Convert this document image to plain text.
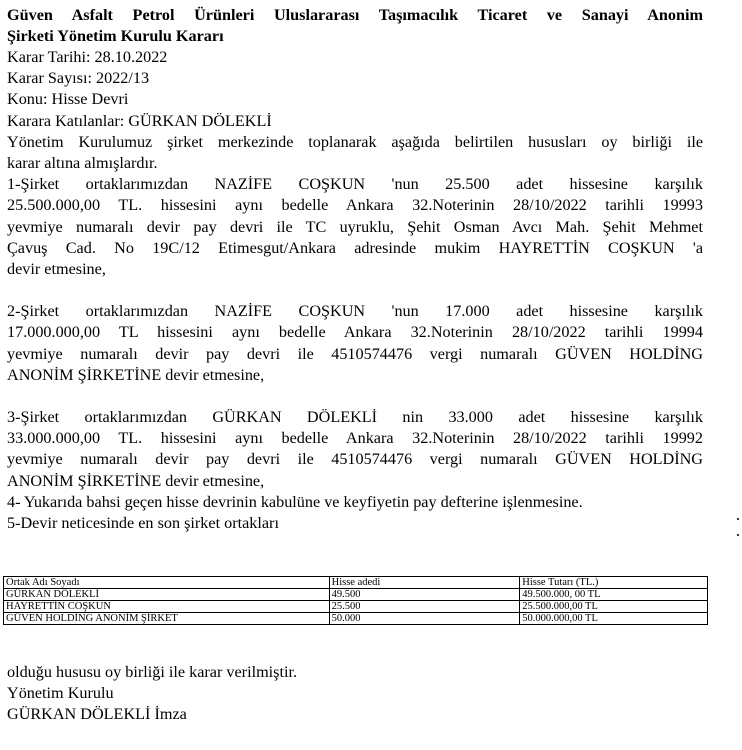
Güven Asfalt Petrol Ürünleri Uluslararası Taşımacılık Ticaret ve Sanayi Anonim
Şirketi Yönetim Kurulu Kararı
Karar Tarihi: 28.10.2022
Karar Sayısı: 2022/13
Konu: Hisse Devri
Karara Katılanlar: GÜRKAN DÖLEKLİ
Yönetim Kurulumuz şirket merkezinde toplanarak aşağıda belirtilen hususları oy birliği ile
karar altına almışlardır.
1-Şirket ortaklarımızdan NAZİFE COŞKUN 'nun 25.500 adet hissesine karşılık
25.500.000,00 TL. hissesini aynı bedelle Ankara 32.Noterinin 28/10/2022 tarihli 19993
yevmiye numaralı devir pay devri ile TC uyruklu, Şehit Osman Avcı Mah. Şehit Mehmet
Çavuş Cad. No 19C/12 Etimesgut/Ankara adresinde mukim HAYRETTİN COŞKUN 'a
devir etmesine,
2-Şirket ortaklarımızdan NAZİFE COŞKUN 'nun 17.000 adet hissesine karşılık
17.000.000,00 TL hissesini aynı bedelle Ankara 32.Noterinin 28/10/2022 tarihli 19994
yevmiye numaralı devir pay devri ile 4510574476 vergi numaralı GÜVEN HOLDİNG
ANONİM ŞİRKETİNE devir etmesine,
3-Şirket ortaklarımızdan GÜRKAN DÖLEKLİ nin 33.000 adet hissesine karşılık
33.000.000,00 TL. hissesini aynı bedelle Ankara 32.Noterinin 28/10/2022 tarihli 19992
yevmiye numaralı devir pay devri ile 4510574476 vergi numaralı GÜVEN HOLDİNG
ANONİM ŞİRKETİNE devir etmesine,
4- Yukarıda bahsi geçen hisse devrinin kabulüne ve keyfiyetin pay defterine işlenmesine.
5-Devir neticesinde en son şirket ortakları
Ortak Adı Soyadı	Hisse adedi	Hisse Tutarı (TL.)
GÜRKAN DÖLEKLİ	49.500	49.500.000, 00 TL
HAYRETTİN COŞKUN	25.500	25.500.000,00 TL
GÜVEN HOLDİNG ANONİM ŞİRKET	50.000	50.000.000,00 TL
olduğu hususu oy birliği ile karar verilmiştir.
Yönetim Kurulu
GÜRKAN DÖLEKLİ İmza
